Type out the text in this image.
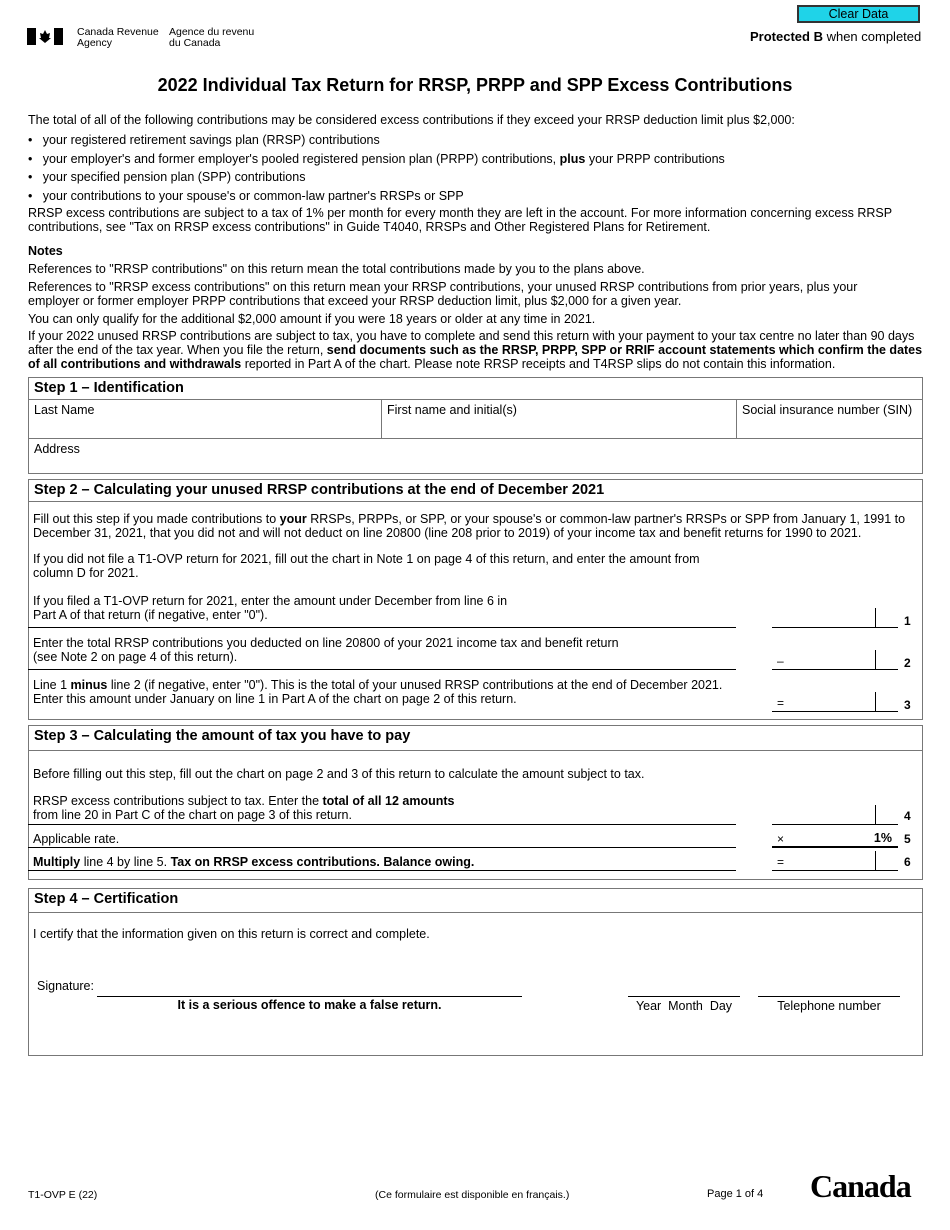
Clear Data
Protected B when completed
Canada Revenue
Agency
Agence du revenu
du Canada
2022 Individual Tax Return for RRSP, PRPP and SPP Excess Contributions

The total of all of the following contributions may be considered excess contributions if they exceed your RRSP deduction limit plus $2,000:

•   your registered retirement savings plan (RRSP) contributions
•   your employer's and former employer's pooled registered pension plan (PRPP) contributions, plus your PRPP contributions
•   your specified pension plan (SPP) contributions
•   your contributions to your spouse's or common-law partner's RRSPs or SPP

RRSP excess contributions are subject to a tax of 1% per month for every month they are left in the account. For more information concerning excess RRSP contributions, see "Tax on RRSP excess contributions" in Guide T4040, RRSPs and Other Registered Plans for Retirement.

Notes

References to "RRSP contributions" on this return mean the total contributions made by you to the plans above.

References to "RRSP excess contributions" on this return mean your RRSP contributions, your unused RRSP contributions from prior years, plus your employer or former employer PRPP contributions that exceed your RRSP deduction limit, plus $2,000 for a given year.

You can only qualify for the additional $2,000 amount if you were 18 years or older at any time in 2021.

If your 2022 unused RRSP contributions are subject to tax, you have to complete and send this return with your payment to your tax centre no later than 90 days after the end of the tax year. When you file the return, send documents such as the RRSP, PRPP, SPP or RRIF account statements which confirm the dates of all contributions and withdrawals reported in Part A of the chart. Please note RRSP receipts and T4RSP slips do not contain this information.

Step 1 – Identification
Last Name	First name and initial(s)	Social insurance number (SIN)
Address
Step 2 – Calculating your unused RRSP contributions at the end of December 2021

Fill out this step if you made contributions to your RRSPs, PRPPs, or SPP, or your spouse's or common-law partner's RRSPs or SPP from January 1, 1991 to December 31, 2021, that you did not and will not deduct on line 20800 (line 208 prior to 2019) of your income tax and benefit returns for 1990 to 2021.

If you did not file a T1-OVP return for 2021, fill out the chart in Note 1 on page 4 of this return, and enter the amount from column D for 2021.

If you filed a T1-OVP return for 2021, enter the amount under December from line 6 in Part A of that return (if negative, enter "0").	1

Enter the total RRSP contributions you deducted on line 20800 of your 2021 income tax and benefit return (see Note 2 on page 4 of this return).	–	2

Line 1 minus line 2 (if negative, enter "0"). This is the total of your unused RRSP contributions at the end of December 2021. Enter this amount under January on line 1 in Part A of the chart on page 2 of this return.	=	3
Step 3 – Calculating the amount of tax you have to pay

Before filling out this step, fill out the chart on page 2 and 3 of this return to calculate the amount subject to tax.

RRSP excess contributions subject to tax. Enter the total of all 12 amounts from line 20 in Part C of the chart on page 3 of this return.	4

Applicable rate.	×	1% 5

Multiply line 4 by line 5. Tax on RRSP excess contributions. Balance owing.	=	6
Step 4 – Certification

I certify that the information given on this return is correct and complete.

Signature:

It is a serious offence to make a false return.	Year  Month  Day	Telephone number

T1-OVP E (22)	(Ce formulaire est disponible en français.)	Page 1 of 4 Canada
